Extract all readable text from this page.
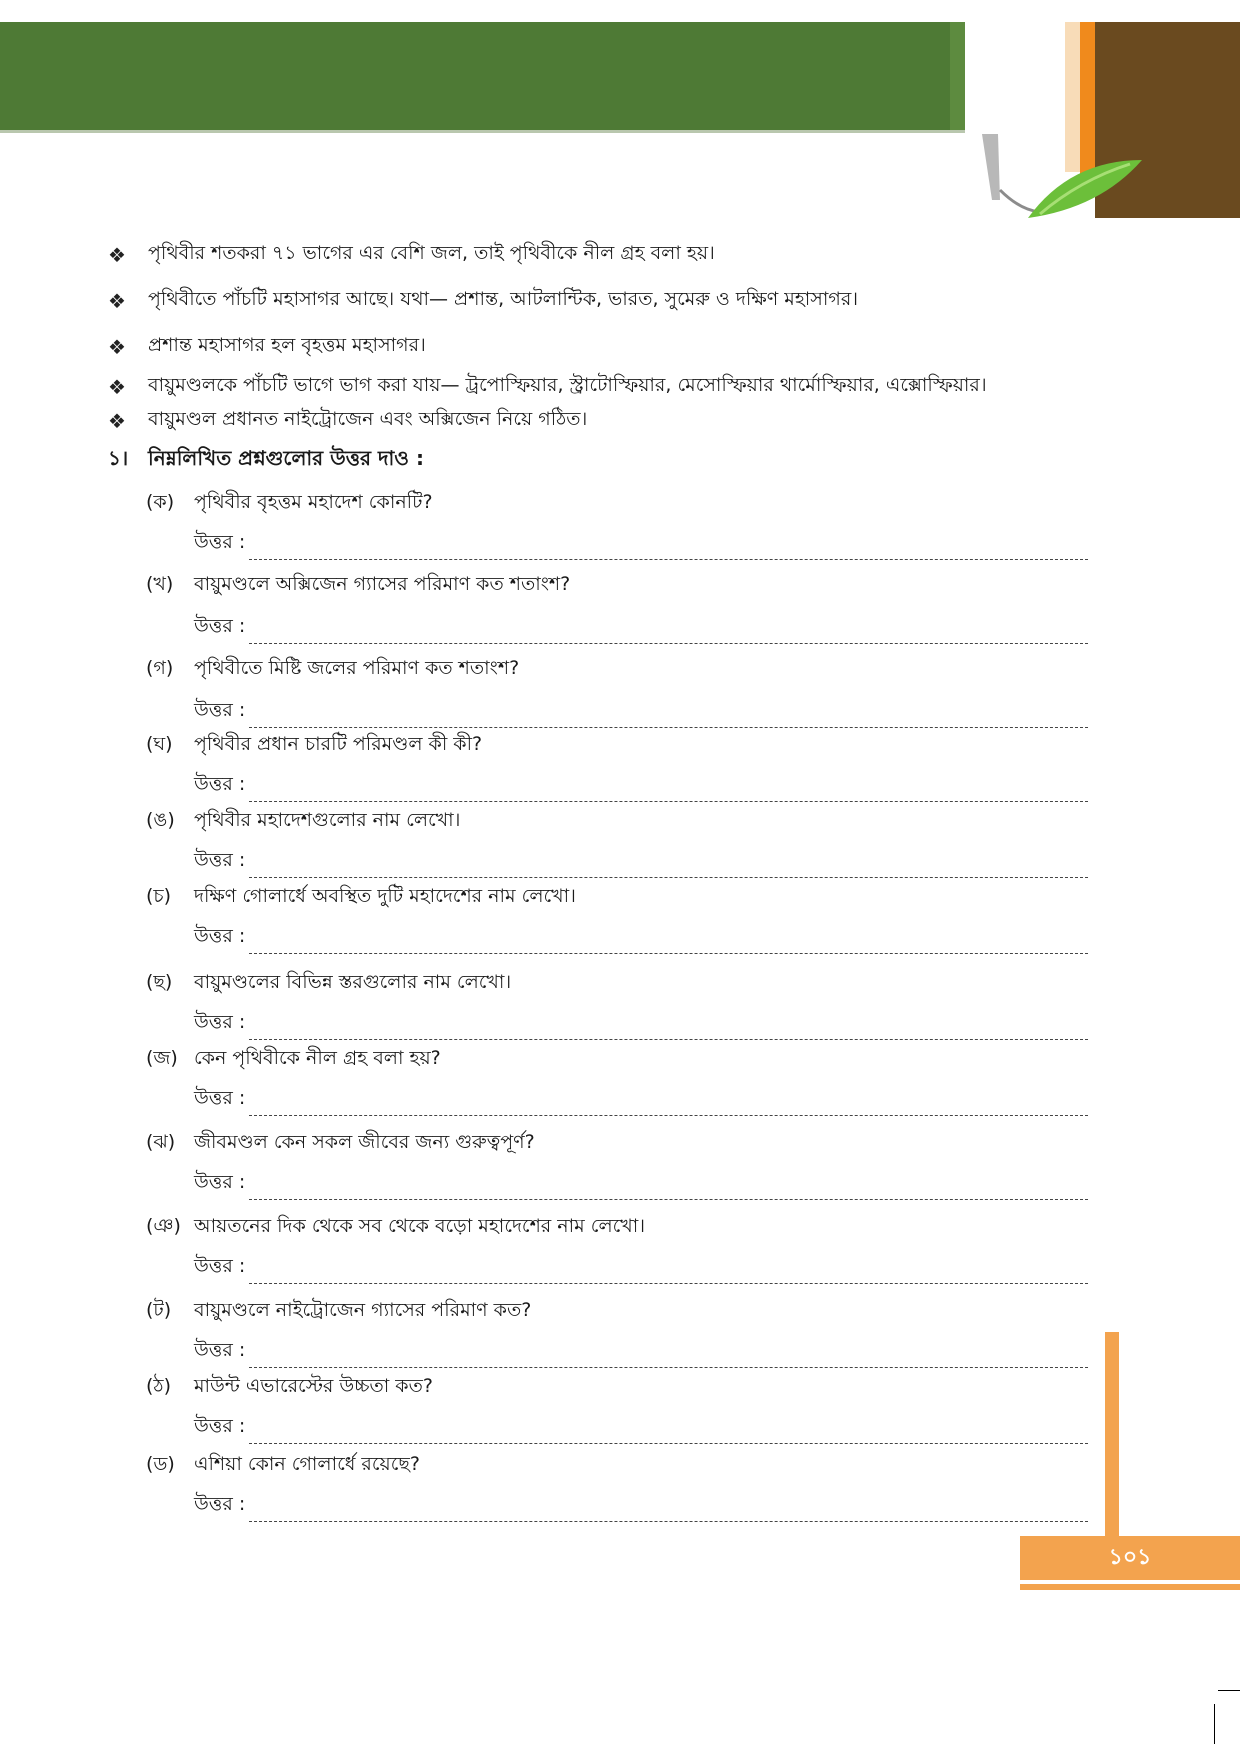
❖	পৃথিবীর শতকরা ৭১ ভাগের এর বেশি জল, তাই পৃথিবীকে নীল গ্রহ বলা হয়।
❖	পৃথিবীতে পাঁচটি মহাসাগর আছে। যথা— প্রশান্ত, আটলান্টিক, ভারত, সুমেরু ও দক্ষিণ মহাসাগর।
❖	প্রশান্ত মহাসাগর হল বৃহত্তম মহাসাগর।
❖	বায়ুমণ্ডলকে পাঁচটি ভাগে ভাগ করা যায়— ট্রপোস্ফিয়ার, স্ট্রাটোস্ফিয়ার, মেসোস্ফিয়ার থার্মোস্ফিয়ার, এক্সোস্ফিয়ার।
❖	বায়ুমণ্ডল প্রধানত নাইট্রোজেন এবং অক্সিজেন নিয়ে গঠিত।
১। নিম্নলিখিত প্রশ্নগুলোর উত্তর দাও :
(ক)	পৃথিবীর বৃহত্তম মহাদেশ কোনটি?
উত্তর :
(খ)	বায়ুমণ্ডলে অক্সিজেন গ্যাসের পরিমাণ কত শতাংশ?
উত্তর :
(গ)	পৃথিবীতে মিষ্টি জলের পরিমাণ কত শতাংশ?
উত্তর :
(ঘ)	পৃথিবীর প্রধান চারটি পরিমণ্ডল কী কী?
উত্তর :
(ঙ)	পৃথিবীর মহাদেশগুলোর নাম লেখো।
উত্তর :
(চ)	দক্ষিণ গোলার্ধে অবস্থিত দুটি মহাদেশের নাম লেখো।
উত্তর :
(ছ)	বায়ুমণ্ডলের বিভিন্ন স্তরগুলোর নাম লেখো।
উত্তর :
(জ) কেন পৃথিবীকে নীল গ্রহ বলা হয়?
উত্তর :
(ঝ) জীবমণ্ডল কেন সকল জীবের জন্য গুরুত্বপূর্ণ?
উত্তর :
(ঞ) আয়তনের দিক থেকে সব থেকে বড়ো মহাদেশের নাম লেখো।
উত্তর :
(ট)	বায়ুমণ্ডলে নাইট্রোজেন গ্যাসের পরিমাণ কত?
উত্তর :
(ঠ)	মাউন্ট এভারেস্টের উচ্চতা কত?
উত্তর :
(ড)	এশিয়া কোন গোলার্ধে রয়েছে?
উত্তর :
১০১
